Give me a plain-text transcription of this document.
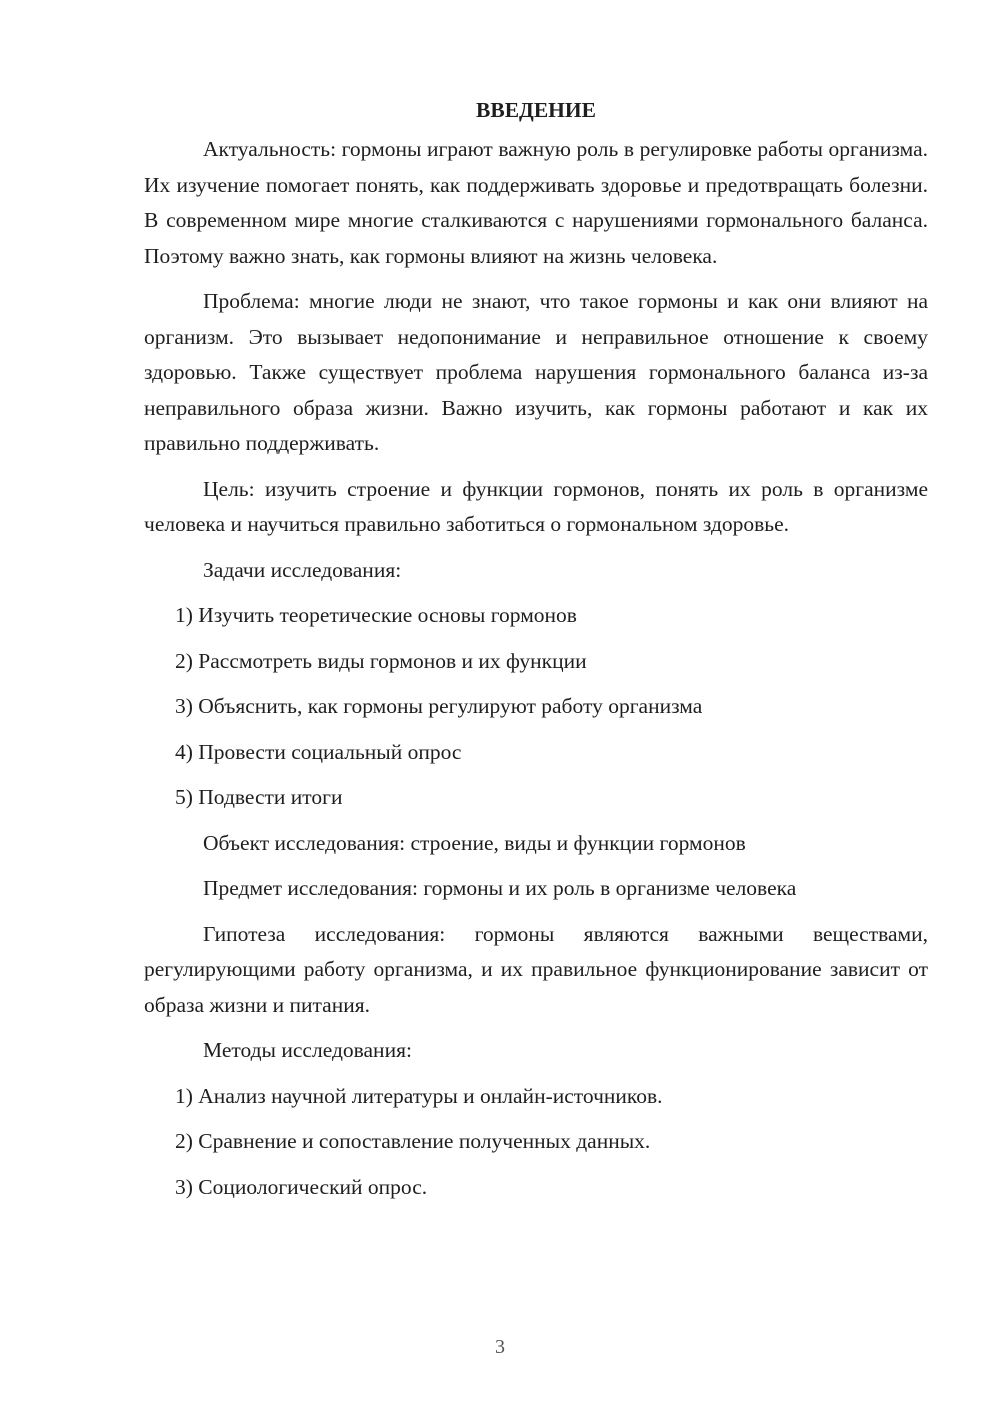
ВВЕДЕНИЕ

Актуальность: гормоны играют важную роль в регулировке работы организма. Их изучение помогает понять, как поддерживать здоровье и предотвращать болезни. В современном мире многие сталкиваются с нарушениями гормонального баланса. Поэтому важно знать, как гормоны влияют на жизнь человека.

Проблема: многие люди не знают, что такое гормоны и как они влияют на организм. Это вызывает недопонимание и неправильное отношение к своему здоровью. Также существует проблема нарушения гормонального баланса из-за неправильного образа жизни. Важно изучить, как гормоны работают и как их правильно поддерживать.

Цель: изучить строение и функции гормонов, понять их роль в организме человека и научиться правильно заботиться о гормональном здоровье.

Задачи исследования:
1) Изучить теоретические основы гормонов
2) Рассмотреть виды гормонов и их функции
3) Объяснить, как гормоны регулируют работу организма
4) Провести социальный опрос
5) Подвести итоги
Объект исследования: строение, виды и функции гормонов
Предмет исследования: гормоны и их роль в организме человека

Гипотеза исследования: гормоны являются важными веществами, регулирующими работу организма, и их правильное функционирование зависит от образа жизни и питания.

Методы исследования:
1) Анализ научной литературы и онлайн-источников.
2) Сравнение и сопоставление полученных данных.
3) Социологический опрос.
3
